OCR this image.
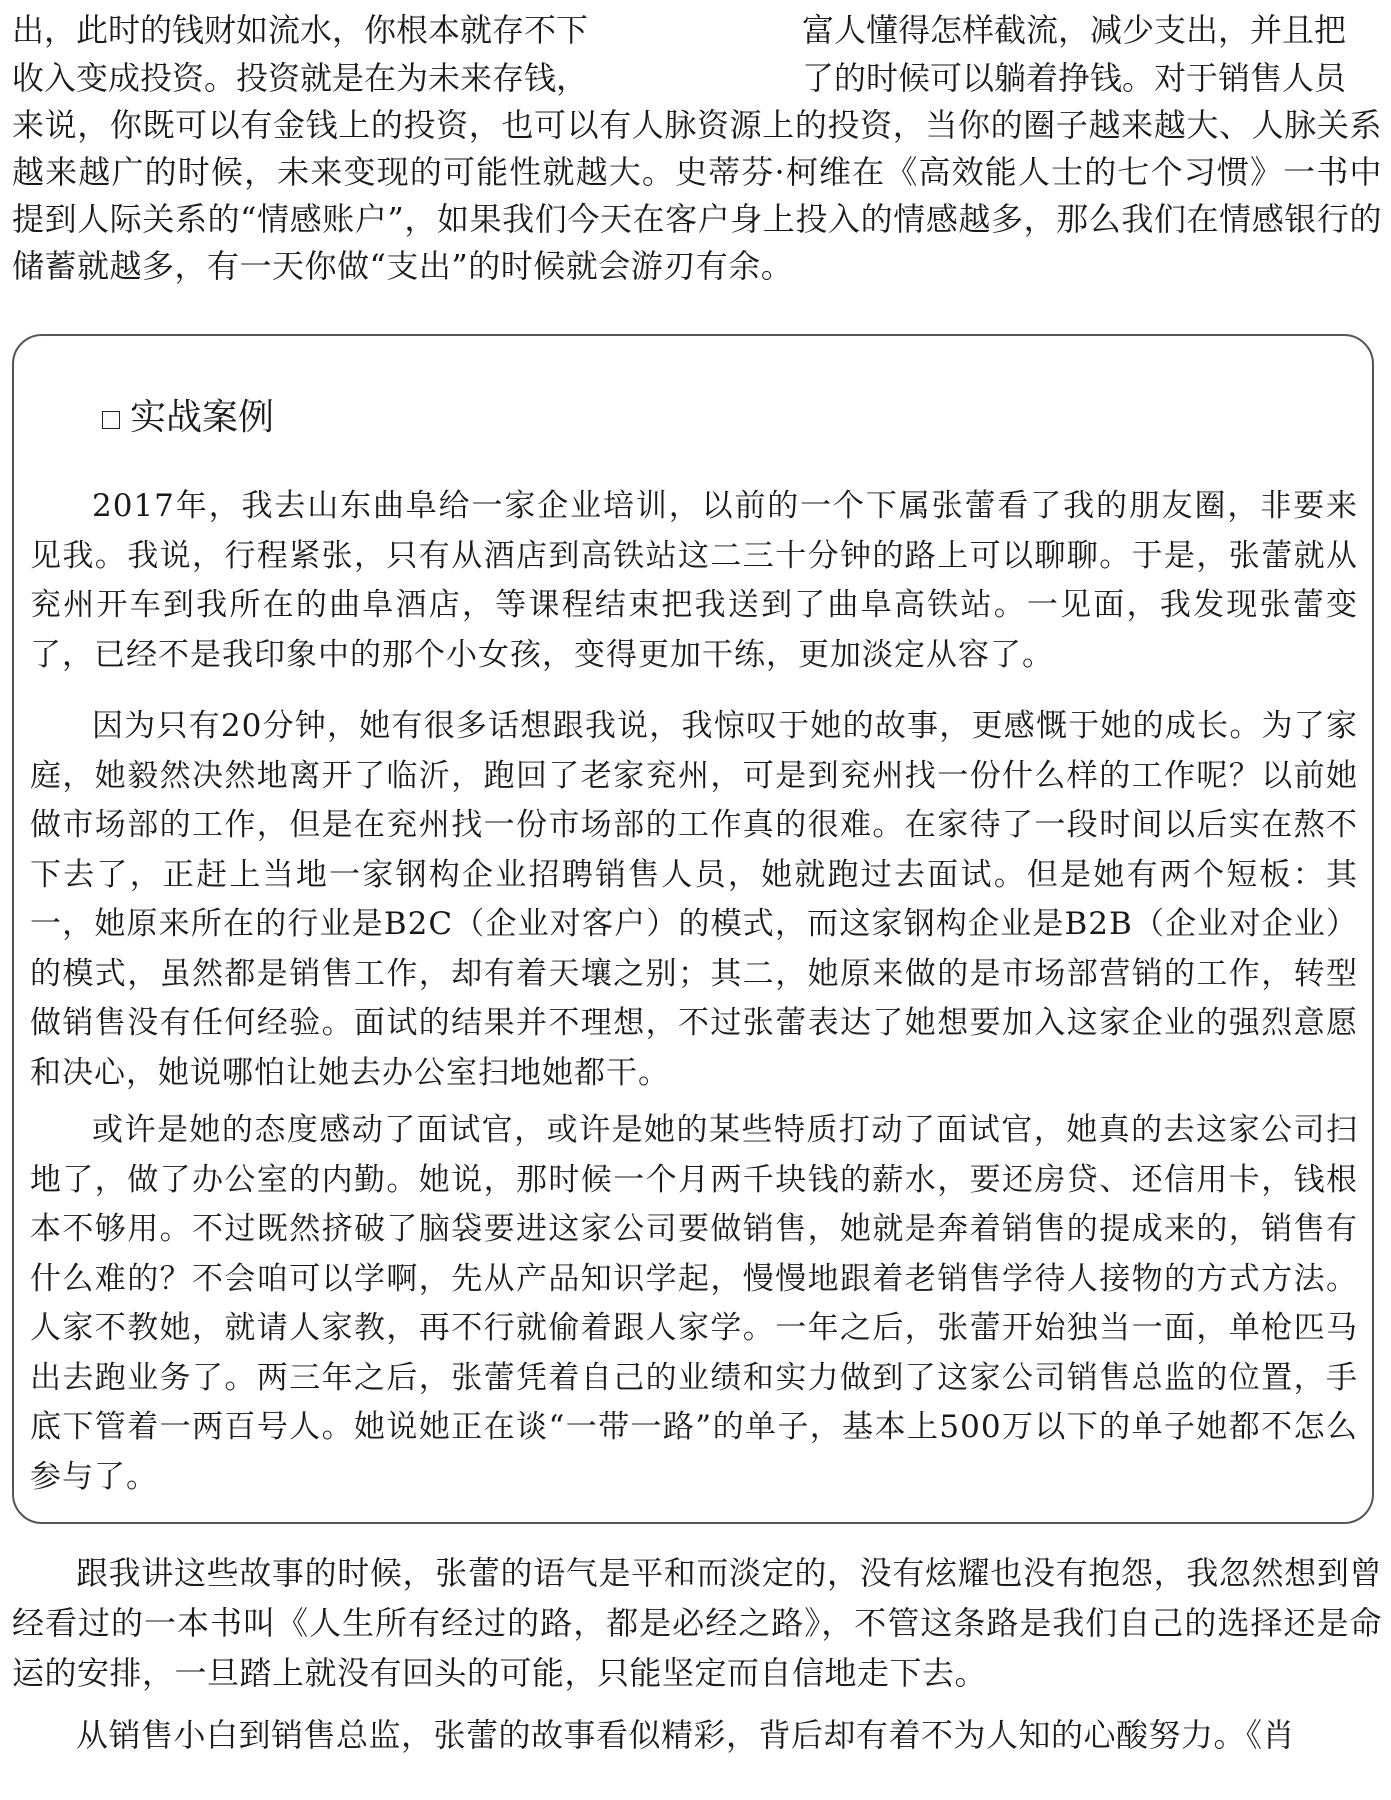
出，此时的钱财如流水，你根本就存不下	富人懂得怎样截流，减少支出，并且把
收入变成投资。投资就是在为未来存钱，	了的时候可以躺着挣钱。对于销售人员

来说，你既可以有金钱上的投资，也可以有人脉资源上的投资，当你的圈子越来越大、人脉关系越来越广的时候，未来变现的可能性就越大。史蒂芬·柯维在《高效能人士的七个习惯》一书中提到人际关系的“情感账户”，如果我们今天在客户身上投入的情感越多，那么我们在情感银行的储蓄就越多，有一天你做“支出”的时候就会游刃有余。

实战案例

2017年，我去山东曲阜给一家企业培训，以前的一个下属张蕾看了我的朋友圈，非要来见我。我说，行程紧张，只有从酒店到高铁站这二三十分钟的路上可以聊聊。于是，张蕾就从兖州开车到我所在的曲阜酒店，等课程结束把我送到了曲阜高铁站。一见面，我发现张蕾变了，已经不是我印象中的那个小女孩，变得更加干练，更加淡定从容了。

因为只有20分钟，她有很多话想跟我说，我惊叹于她的故事，更感慨于她的成长。为了家庭，她毅然决然地离开了临沂，跑回了老家兖州，可是到兖州找一份什么样的工作呢？以前她做市场部的工作，但是在兖州找一份市场部的工作真的很难。在家待了一段时间以后实在熬不下去了，正赶上当地一家钢构企业招聘销售人员，她就跑过去面试。但是她有两个短板：其一，她原来所在的行业是B2C（企业对客户）的模式，而这家钢构企业是B2B（企业对企业）的模式，虽然都是销售工作，却有着天壤之别；其二，她原来做的是市场部营销的工作，转型做销售没有任何经验。面试的结果并不理想，不过张蕾表达了她想要加入这家企业的强烈意愿和决心，她说哪怕让她去办公室扫地她都干。

或许是她的态度感动了面试官，或许是她的某些特质打动了面试官，她真的去这家公司扫地了，做了办公室的内勤。她说，那时候一个月两千块钱的薪水，要还房贷、还信用卡，钱根本不够用。不过既然挤破了脑袋要进这家公司要做销售，她就是奔着销售的提成来的，销售有什么难的？不会咱可以学啊，先从产品知识学起，慢慢地跟着老销售学待人接物的方式方法。人家不教她，就请人家教，再不行就偷着跟人家学。一年之后，张蕾开始独当一面，单枪匹马出去跑业务了。两三年之后，张蕾凭着自己的业绩和实力做到了这家公司销售总监的位置，手底下管着一两百号人。她说她正在谈“一带一路”的单子，基本上500万以下的单子她都不怎么参与了。

跟我讲这些故事的时候，张蕾的语气是平和而淡定的，没有炫耀也没有抱怨，我忽然想到曾经看过的一本书叫《人生所有经过的路，都是必经之路》，不管这条路是我们自己的选择还是命运的安排，一旦踏上就没有回头的可能，只能坚定而自信地走下去。

从销售小白到销售总监，张蕾的故事看似精彩，背后却有着不为人知的心酸努力。《肖
